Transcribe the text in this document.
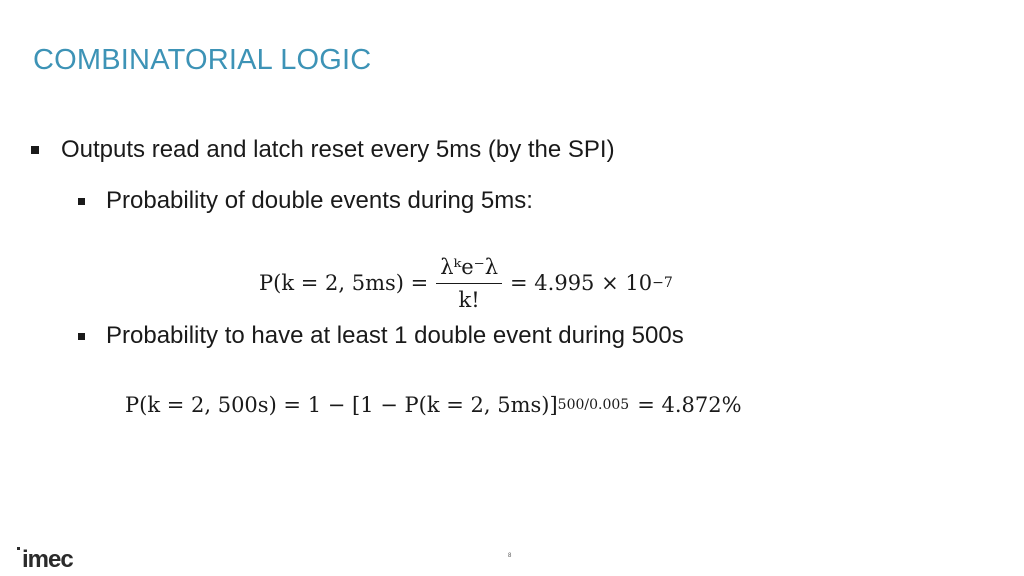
COMBINATORIAL LOGIC
Outputs read and latch reset every 5ms (by the SPI)
Probability of double events during 5ms:
P(k = 2, $5ms) = \frac{\text{λᵏe⁻λ}}{k!} = 4.995 \times 10 -7$
Probability to have at least 1 double event during 500s
P(k = 2, 500s) = 1 − [1 − P(k = 2, 5ms)] 500/0.005 = 4.872%
imec	8
